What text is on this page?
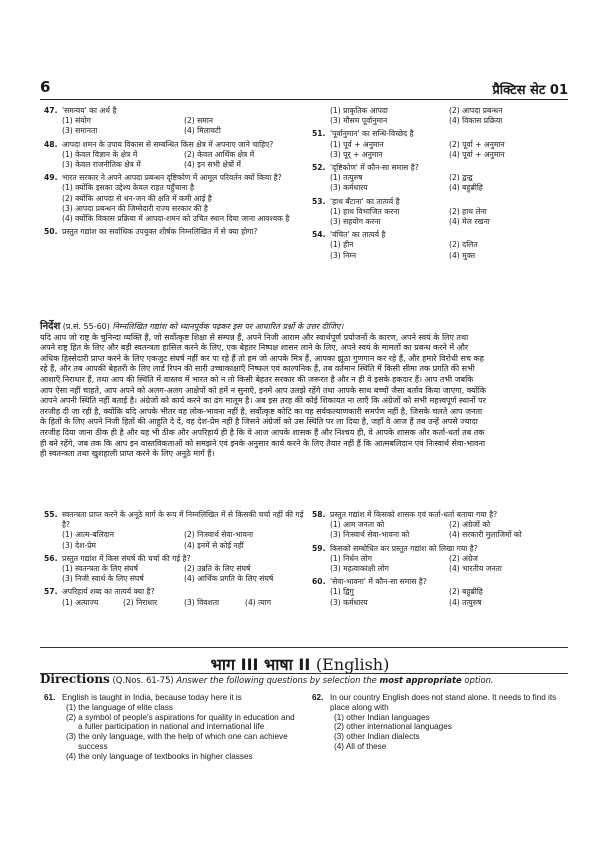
6	प्रैक्टिस सेट 01
47. 'समन्वय' का अर्थ है
(1) संयोग	(2) समान
(3) समानता	(4) मिलावटी
48. आपदा शमन के उपाय विकास से सम्बन्धित किस क्षेत्र में अपनाए जाने चाहिए?
(1) केवल विज्ञान के क्षेत्र में	(2) केवल आर्थिक क्षेत्र में
(3) केवल राजनीतिक क्षेत्र में	(4) इन सभी क्षेत्रों में
49. भारत सरकार ने अपने आपदा प्रबन्धन दृष्टिकोण में आमूल परिवर्तन क्यों किया है?
(1) क्योंकि इसका उद्देश्य केवल राहत पहुँचाना है
(2) क्योंकि आपदा से धन-जन की क्षति में कमी आई है
(3) आपदा प्रबन्धन की जिम्मेदारी राज्य सरकार की है
(4) क्योंकि विकास प्रक्रिया में आपदा-शमन को उचित स्थान दिया जाना आवश्यक है
50. प्रस्तुत गद्यांश का सर्वाधिक उपयुक्त शीर्षक निम्नलिखित में से क्या होगा?
(1) प्राकृतिक आपदा	(2) आपदा प्रबन्धन
(3) मौसम पूर्वानुमान	(4) विकास प्रक्रिया
51. 'पूर्वानुमान' का सन्धि-विच्छेद है
(1) पूर्व + अनुमान	(2) पूर्वा + अनुमान
(3) पूर् + अनुमान	(4) पूर्वा + अनुमान
52. 'दृष्टिकोण' में कौन-सा समास है?
(1) तत्पुरुष	(2) द्वन्द्व
(3) कर्मधारय	(4) बहुब्रीहि
53. 'हाथ बँटाना' का तात्पर्य है
(1) हाथ विभाजित करना	(2) हाथ लेना
(3) सहयोग करना	(4) मेल रखना
54. 'वंचित' का तात्पर्य है
(1) हीन	(2) दलित
(3) निम्न	(4) मुक्त
निर्देश (प्र.सं. 55-60) निम्नलिखित गद्यांश को ध्यानपूर्वक पढ़कर इस पर आधारित प्रश्नों के उत्तर दीजिए।
यदि आप जो राष्ट्र के चुनिन्दा व्यक्ति हैं, जो सर्वोत्कृष्ट शिक्षा से सम्पन्न हैं, अपने निजी आराम और स्वार्थपूर्ण प्रयोजनों के कारण, अपने स्वयं के लिए तथा
अपने राष्ट्र हित के लिए और बड़ी स्वतन्त्रता हासिल करने के लिए, एक बेहतर निष्पक्ष शासन लाने के लिए, अपने स्वयं के मामलों का प्रबन्ध करने में और
अधिक हिस्सेदारी प्राप्त करने के लिए एकजुट संघर्ष नहीं कर पा रहे हैं तो हम जो आपके मित्र हैं, आपका झूठा गुणगान कर रहे हैं, और हमारे विरोधी सच कह
रहे हैं, और तब आपकी बेहतरी के लिए लार्ड रिपन की सारी उच्चाकांक्षाएँ निष्फल एवं काल्पनिक हैं, तब वर्तमान स्थिति में किसी सीमा तक प्रगति की सभी
आशाएँ निराधार हैं, तथा आप की स्थिति में वास्तव में भारत को न तो किसी बेहतर सरकार की जरूरत है और न ही वे इसके हकदार हैं। आप तभी जबकि
आप ऐसा नहीं चाहते, आप अपने को अलग-अलग आक्षेपों को हमें न सुनाएँ, इनमें आप उलझे रहेंगे तथा आपके साथ बच्चों जैसा बर्ताव किया जाएगा, क्योंकि
आपने अपनी स्थिति नहीं बताई है। अंग्रेजों को कार्य करने का ढंग मालूम है। अब इस तरह की कोई शिकायत ना लाएँ कि अंग्रेजों को सभी महत्त्वपूर्ण स्थानों पर
तरजीह दी जा रही है, क्योंकि यदि आपके भीतर वह लोक-भावना नहीं है, सर्वोत्कृष्ट कोटि का वह सर्वकल्याणकारी समर्पण नहीं है, जिसके चलते आप जनता
के हितों के लिए अपने निजी हितों की आहुति दे दें, वह देश-प्रेम नहीं है जिसने अंग्रेजों को उस स्थिति पर ला दिया है, जहाँ वे आज हैं तब उन्हें अपसे ज्यादा
तरजीह दिया जाना ठीक ही है और यह भी ठीक और अपरिहार्य ही है कि वे आज आपके शासक हैं और निश्चय ही, वे आपके शासक और कर्ता-धर्ता तब तक
ही बने रहेंगे, जब तक कि आप इन वास्तविकताओं को समझने एवं इनके अनुसार कार्य करने के लिए तैयार नहीं हैं कि आत्मबलिदान एवं निःस्वार्थ सेवा-भावना
ही स्वतन्त्रता तथा खुशहाली प्राप्त करने के लिए अनूठे मार्ग हैं।
55. स्वतन्त्रता प्राप्त करने के अनूठे मार्ग के रूप में निम्नलिखित में से किसकी चर्चा नहीं की गई है?
(1) आत्म-बलिदान	(2) निःस्वार्थ सेवा-भावना
(3) देश-प्रेम	(4) इनमें से कोई नहीं
56. प्रस्तुत गद्यांश में किस संघर्ष की चर्चा की गई है?
(1) स्वतन्त्रता के लिए संघर्ष	(2) उन्नति के लिए संघर्ष
(3) निजी स्वार्थ के लिए संघर्ष	(4) आर्थिक प्रगति के लिए संघर्ष
57. अपरिहार्य शब्द का तात्पर्य क्या है?
(1) अत्याज्य	(2) निराधार	(3) विवशता	(4) त्याग
58. प्रस्तुत गद्यांश में किसको शासक एवं कर्ता-धर्ता बताया गया है?
(1) आम जनता को	(2) अंग्रेजों को
(3) निःस्वार्थ सेवा-भावना को	(4) सरकारी मुलाजिमों को
59. किसको सम्बोधित कर प्रस्तुत गद्यांश को लिखा गया है?
(1) निर्धन लोग	(2) अंग्रेज
(3) महत्वाकांक्षी लोग	(4) भारतीय जनता
60. 'सेवा-भावना' में कौन-सा समास है?
(1) द्विगु	(2) बहुब्रीहि
(3) कर्मधारय	(4) तत्पुरुष
भाग III भाषा II (English)
Directions (Q.Nos. 61-75) Answer the following questions by selection the most appropriate option.
61. English is taught in India, because today here it is
(1) the language of elite class
(2) a symbol of people's aspirations for quality in education and a fuller participation in national and international life
(3) the only language, with the help of which one can achieve success
(4) the only language of textbooks in higher classes
62. In our country English does not stand alone. It needs to find its place along with
(1) other Indian languages
(2) other international languages
(3) other Indian dialects
(4) All of these
